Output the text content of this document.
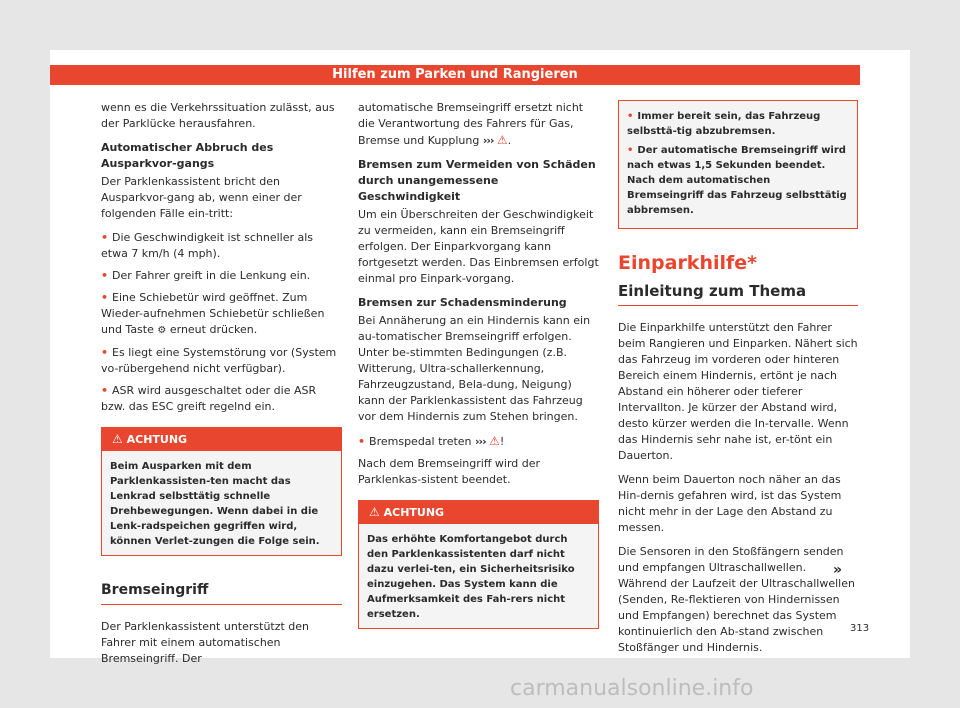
Hilfen zum Parken und Rangieren

wenn es die Verkehrssituation zulässt, aus der Parklücke herausfahren.

Automatischer Abbruch des Ausparkvor-gangs

Der Parklenkassistent bricht den Ausparkvor-gang ab, wenn einer der folgenden Fälle ein-tritt:

• Die Geschwindigkeit ist schneller als etwa 7 km/h (4 mph).
• Der Fahrer greift in die Lenkung ein.
• Eine Schiebetür wird geöffnet. Zum Wieder-aufnehmen Schiebetür schließen und Taste ⚙ erneut drücken.
• Es liegt eine Systemstörung vor (System vo-rübergehend nicht verfügbar).
• ASR wird ausgeschaltet oder die ASR bzw. das ESC greift regelnd ein.
⚠ ACHTUNG
Beim Ausparken mit dem Parklenkassisten-ten macht das Lenkrad selbsttätig schnelle Drehbewegungen. Wenn dabei in die Lenk-radspeichen gegriffen wird, können Verlet-zungen die Folge sein.
Bremseingriff

Der Parklenkassistent unterstützt den Fahrer mit einem automatischen Bremseingriff. Der

automatische Bremseingriff ersetzt nicht die Verantwortung des Fahrers für Gas, Bremse und Kupplung ››› ⚠.

Bremsen zum Vermeiden von Schäden durch unangemessene Geschwindigkeit

Um ein Überschreiten der Geschwindigkeit zu vermeiden, kann ein Bremseingriff erfolgen. Der Einparkvorgang kann fortgesetzt werden. Das Einbremsen erfolgt einmal pro Einpark-vorgang.

Bremsen zur Schadensminderung

Bei Annäherung an ein Hindernis kann ein au-tomatischer Bremseingriff erfolgen. Unter be-stimmten Bedingungen (z.B. Witterung, Ultra-schallerkennung, Fahrzeugzustand, Bela-dung, Neigung) kann der Parklenkassistent das Fahrzeug vor dem Hindernis zum Stehen bringen.

• Bremspedal treten ››› ⚠!

Nach dem Bremseingriff wird der Parklenkas-sistent beendet.

⚠ ACHTUNG
Das erhöhte Komfortangebot durch den Parklenkassistenten darf nicht dazu verlei-ten, ein Sicherheitsrisiko einzugehen. Das System kann die Aufmerksamkeit des Fah-rers nicht ersetzen.
• Immer bereit sein, das Fahrzeug selbsttä-tig abzubremsen.
• Der automatische Bremseingriff wird nach etwas 1,5 Sekunden beendet. Nach dem automatischen Bremseingriff das Fahrzeug selbsttätig abbremsen.
Einparkhilfe*
Einleitung zum Thema

Die Einparkhilfe unterstützt den Fahrer beim Rangieren und Einparken. Nähert sich das Fahrzeug im vorderen oder hinteren Bereich einem Hindernis, ertönt je nach Abstand ein höherer oder tieferer Intervallton. Je kürzer der Abstand wird, desto kürzer werden die In-tervalle. Wenn das Hindernis sehr nahe ist, er-tönt ein Dauerton.

Wenn beim Dauerton noch näher an das Hin-dernis gefahren wird, ist das System nicht mehr in der Lage den Abstand zu messen.

Die Sensoren in den Stoßfängern senden und empfangen Ultraschallwellen. Während der Laufzeit der Ultraschallwellen (Senden, Re-flektieren von Hindernissen und Empfangen) berechnet das System kontinuierlich den Ab-stand zwischen Stoßfänger und Hindernis.

»
313
carmanualsonline.info
